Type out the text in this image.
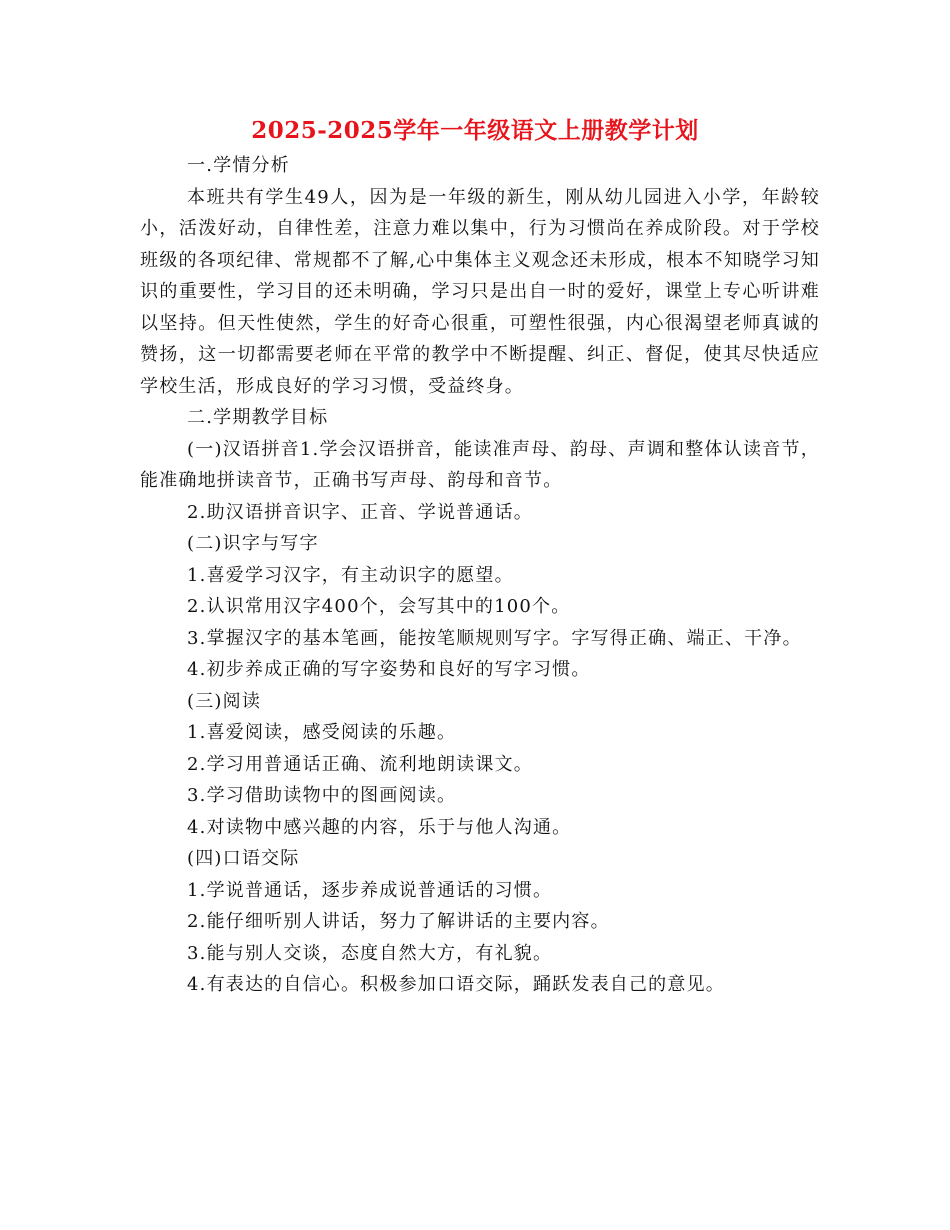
2025-2025学年一年级语文上册教学计划

一.学情分析

本班共有学生49人，因为是一年级的新生，刚从幼儿园进入小学，年龄较小，活泼好动，自律性差，注意力难以集中，行为习惯尚在养成阶段。对于学校班级的各项纪律、常规都不了解,心中集体主义观念还未形成，根本不知晓学习知识的重要性，学习目的还未明确，学习只是出自一时的爱好，课堂上专心听讲难以坚持。但天性使然，学生的好奇心很重，可塑性很强，内心很渴望老师真诚的赞扬，这一切都需要老师在平常的教学中不断提醒、纠正、督促，使其尽快适应学校生活，形成良好的学习习惯，受益终身。

二.学期教学目标

(一)汉语拼音1.学会汉语拼音，能读准声母、韵母、声调和整体认读音节，能准确地拼读音节，正确书写声母、韵母和音节。

2.助汉语拼音识字、正音、学说普通话。

(二)识字与写字

1.喜爱学习汉字，有主动识字的愿望。

2.认识常用汉字400个，会写其中的100个。

3.掌握汉字的基本笔画，能按笔顺规则写字。字写得正确、端正、干净。

4.初步养成正确的写字姿势和良好的写字习惯。

(三)阅读

1.喜爱阅读，感受阅读的乐趣。

2.学习用普通话正确、流利地朗读课文。

3.学习借助读物中的图画阅读。

4.对读物中感兴趣的内容，乐于与他人沟通。

(四)口语交际

1.学说普通话，逐步养成说普通话的习惯。

2.能仔细听别人讲话，努力了解讲话的主要内容。

3.能与别人交谈，态度自然大方，有礼貌。

4.有表达的自信心。积极参加口语交际，踊跃发表自己的意见。
